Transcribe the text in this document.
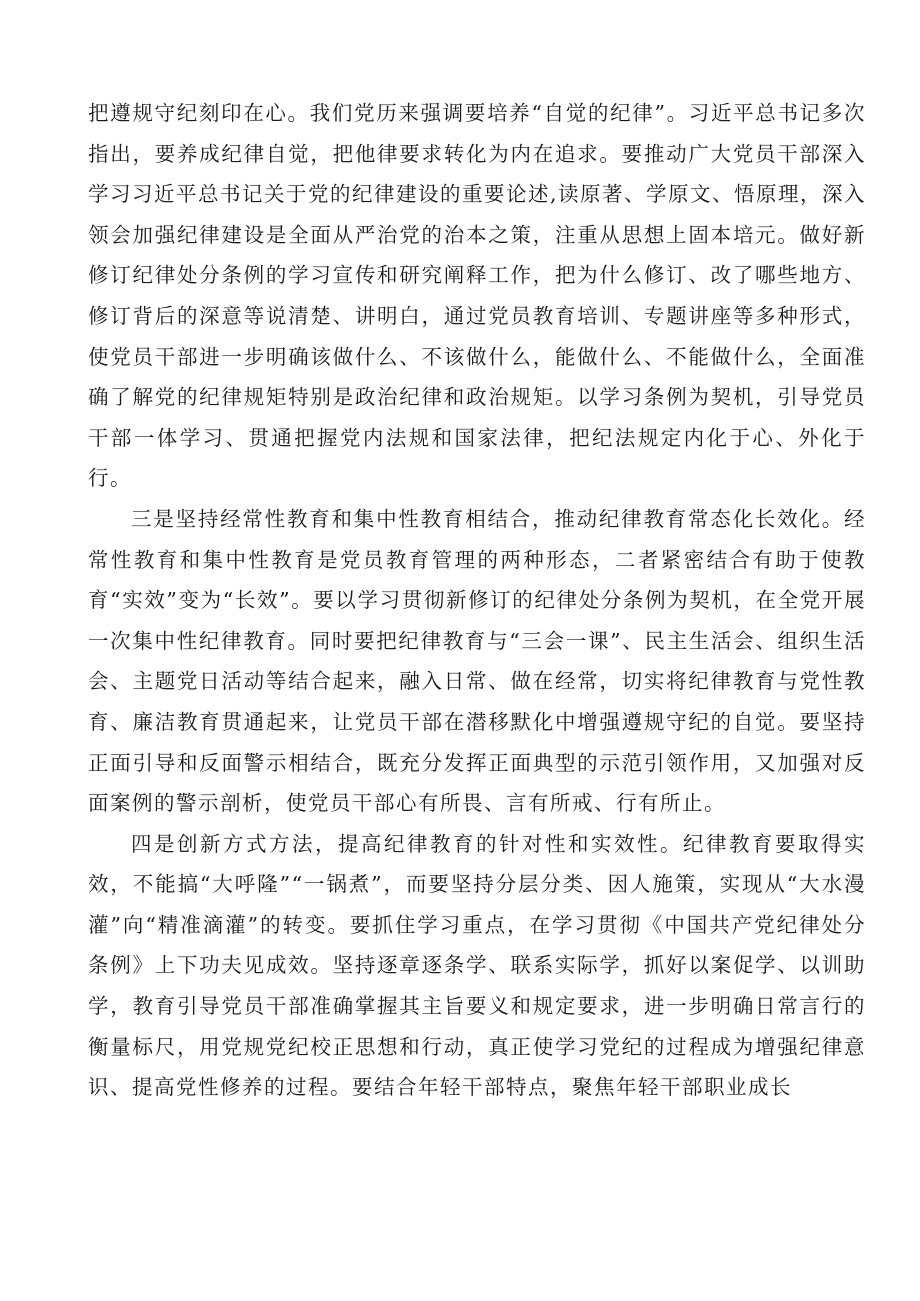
把遵规守纪刻印在心。我们党历来强调要培养“自觉的纪律”。习近平总书记多次指出，要养成纪律自觉，把他律要求转化为内在追求。要推动广大党员干部深入学习习近平总书记关于党的纪律建设的重要论述,读原著、学原文、悟原理，深入领会加强纪律建设是全面从严治党的治本之策，注重从思想上固本培元。做好新修订纪律处分条例的学习宣传和研究阐释工作，把为什么修订、改了哪些地方、修订背后的深意等说清楚、讲明白，通过党员教育培训、专题讲座等多种形式，使党员干部进一步明确该做什么、不该做什么，能做什么、不能做什么，全面准确了解党的纪律规矩特别是政治纪律和政治规矩。以学习条例为契机，引导党员干部一体学习、贯通把握党内法规和国家法律，把纪法规定内化于心、外化于行。

三是坚持经常性教育和集中性教育相结合，推动纪律教育常态化长效化。经常性教育和集中性教育是党员教育管理的两种形态，二者紧密结合有助于使教育“实效”变为“长效”。要以学习贯彻新修订的纪律处分条例为契机，在全党开展一次集中性纪律教育。同时要把纪律教育与“三会一课”、民主生活会、组织生活会、主题党日活动等结合起来，融入日常、做在经常，切实将纪律教育与党性教育、廉洁教育贯通起来，让党员干部在潜移默化中增强遵规守纪的自觉。要坚持正面引导和反面警示相结合，既充分发挥正面典型的示范引领作用，又加强对反面案例的警示剖析，使党员干部心有所畏、言有所戒、行有所止。

四是创新方式方法，提高纪律教育的针对性和实效性。纪律教育要取得实效，不能搞“大呼隆”“一锅煮”，而要坚持分层分类、因人施策，实现从“大水漫灌”向“精准滴灌”的转变。要抓住学习重点，在学习贯彻《中国共产党纪律处分条例》上下功夫见成效。坚持逐章逐条学、联系实际学，抓好以案促学、以训助学，教育引导党员干部准确掌握其主旨要义和规定要求，进一步明确日常言行的衡量标尺，用党规党纪校正思想和行动，真正使学习党纪的过程成为增强纪律意识、提高党性修养的过程。要结合年轻干部特点，聚焦年轻干部职业成长
